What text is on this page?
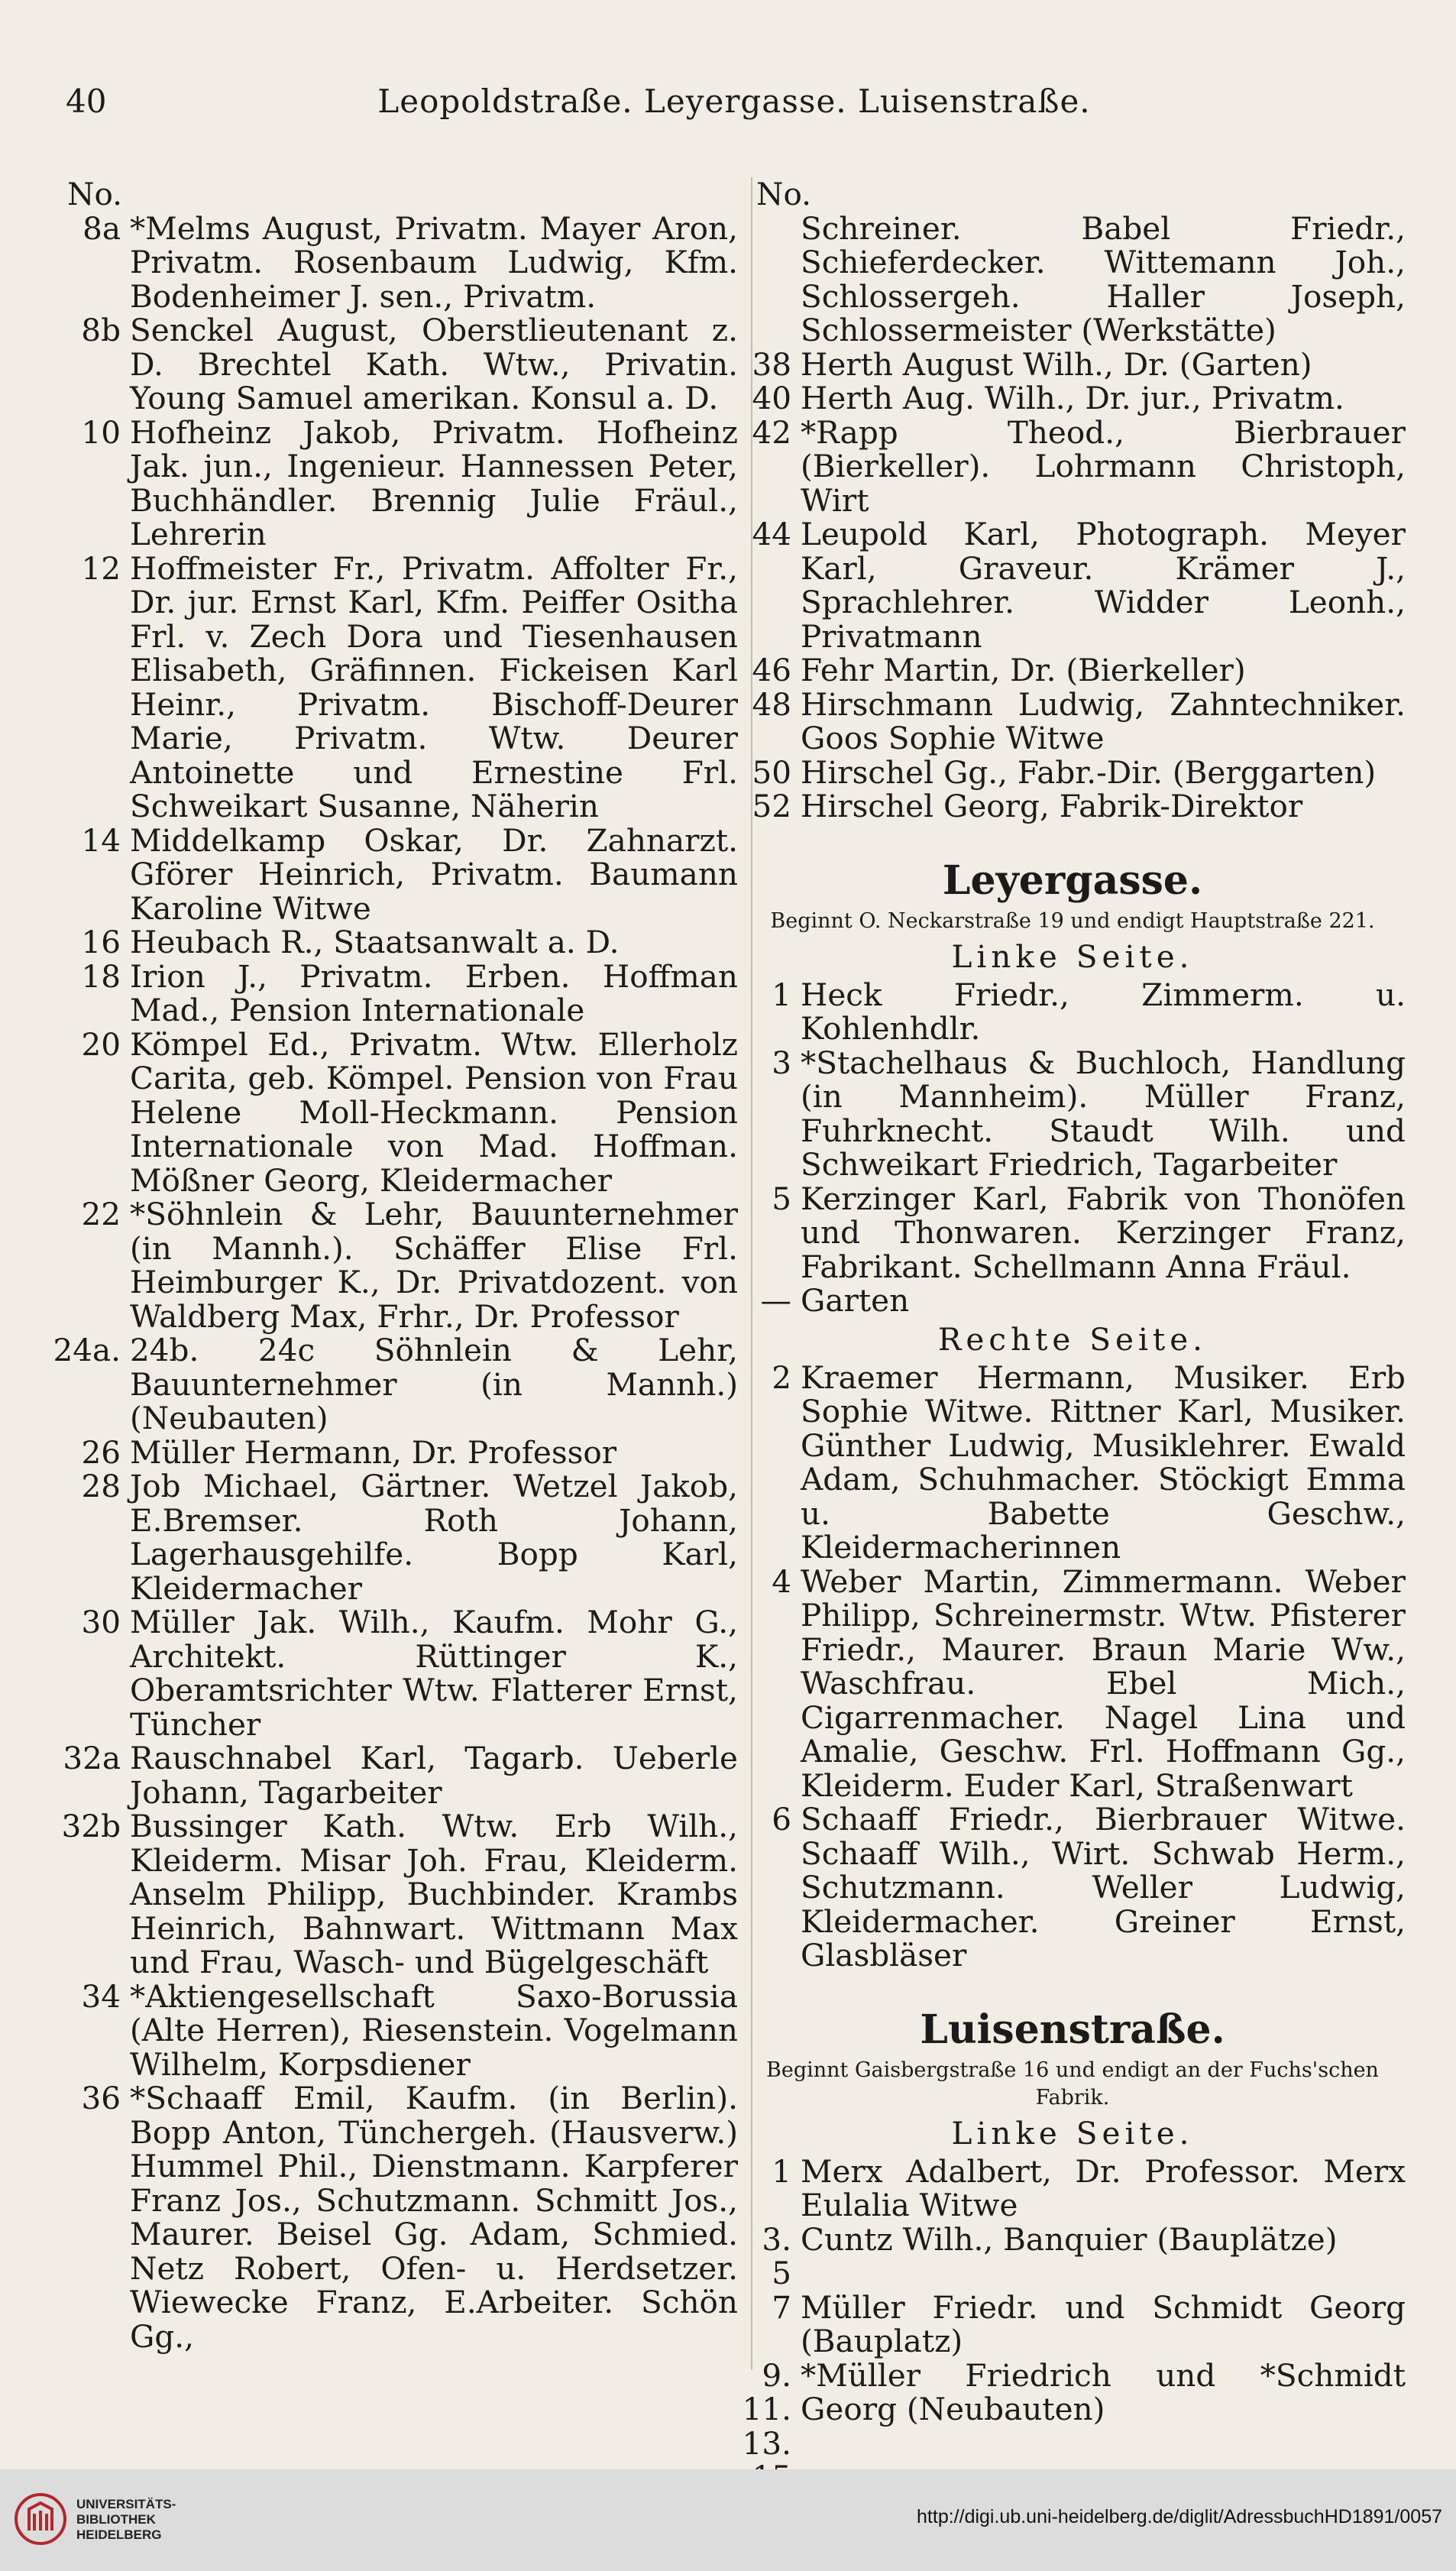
40	Leopoldstraße. Leyergasse. Luisenstraße.
No.
8a *Melms August, Privatm. Mayer Aron, Privatm. Rosenbaum Ludwig, Kfm. Bodenheimer J. sen., Privatm.
8b Senckel August, Oberstlieutenant z. D. Brechtel Kath. Wtw., Privatin. Young Samuel amerikan. Konsul a. D.
10 Hofheinz Jakob, Privatm. Hofheinz Jak. jun., Ingenieur. Hannessen Peter, Buchhändler. Brennig Julie Fräul., Lehrerin
12 Hoffmeister Fr., Privatm. Affolter Fr., Dr. jur. Ernst Karl, Kfm. Peiffer Ositha Frl. v. Zech Dora und Tiesenhausen Elisabeth, Gräfinnen. Fickeisen Karl Heinr., Privatm. Bischoff-Deurer Marie, Privatm. Wtw. Deurer Antoinette und Ernestine Frl. Schweikart Susanne, Näherin
14 Middelkamp Oskar, Dr. Zahnarzt. Gförer Heinrich, Privatm. Baumann Karoline Witwe
16 Heubach R., Staatsanwalt a. D.
18 Irion J., Privatm. Erben. Hoffman Mad., Pension Internationale
20 Kömpel Ed., Privatm. Wtw. Ellerholz Carita, geb. Kömpel. Pension von Frau Helene Moll-Heckmann. Pension Internationale von Mad. Hoffman. Mößner Georg, Kleidermacher
22 *Söhnlein & Lehr, Bauunternehmer (in Mannh.). Schäffer Elise Frl. Heimburger K., Dr. Privatdozent. von Waldberg Max, Frhr., Dr. Professor
24a. 24b. 24c Söhnlein & Lehr, Bauunternehmer (in Mannh.) (Neubauten)
26 Müller Hermann, Dr. Professor
28 Job Michael, Gärtner. Wetzel Jakob, E.Bremser. Roth Johann, Lagerhausgehilfe. Bopp Karl, Kleidermacher
30 Müller Jak. Wilh., Kaufm. Mohr G., Architekt. Rüttinger K., Oberamtsrichter Wtw. Flatterer Ernst, Tüncher
32a Rauschnabel Karl, Tagarb. Ueberle Johann, Tagarbeiter
32b Bussinger Kath. Wtw. Erb Wilh., Kleiderm. Misar Joh. Frau, Kleiderm. Anselm Philipp, Buchbinder. Krambs Heinrich, Bahnwart. Wittmann Max und Frau, Wasch- und Bügelgeschäft
34 *Aktiengesellschaft Saxo-Borussia (Alte Herren), Riesenstein. Vogelmann Wilhelm, Korpsdiener
36 *Schaaff Emil, Kaufm. (in Berlin). Bopp Anton, Tünchergeh. (Hausverw.) Hummel Phil., Dienstmann. Karpferer Franz Jos., Schutzmann. Schmitt Jos., Maurer. Beisel Gg. Adam, Schmied. Netz Robert, Ofen- u. Herdsetzer. Wiewecke Franz, E.Arbeiter. Schön Gg.,
No.
Schreiner. Babel Friedr., Schieferdecker. Wittemann Joh., Schlossergeh. Haller Joseph, Schlossermeister (Werkstätte)
38 Herth August Wilh., Dr. (Garten)
40 Herth Aug. Wilh., Dr. jur., Privatm.
42 *Rapp Theod., Bierbrauer (Bierkeller). Lohrmann Christoph, Wirt
44 Leupold Karl, Photograph. Meyer Karl, Graveur. Krämer J., Sprachlehrer. Widder Leonh., Privatmann
46 Fehr Martin, Dr. (Bierkeller)
48 Hirschmann Ludwig, Zahntechniker. Goos Sophie Witwe
50 Hirschel Gg., Fabr.-Dir. (Berggarten)
52 Hirschel Georg, Fabrik-Direktor
Leyergasse.
Beginnt O. Neckarstraße 19 und endigt Hauptstraße 221.
Linke Seite.
1 Heck Friedr., Zimmerm. u. Kohlenhdlr.
3 *Stachelhaus & Buchloch, Handlung (in Mannheim). Müller Franz, Fuhrknecht. Staudt Wilh. und Schweikart Friedrich, Tagarbeiter
5 Kerzinger Karl, Fabrik von Thonöfen und Thonwaren. Kerzinger Franz, Fabrikant. Schellmann Anna Fräul.
— Garten
Rechte Seite.
2 Kraemer Hermann, Musiker. Erb Sophie Witwe. Rittner Karl, Musiker. Günther Ludwig, Musiklehrer. Ewald Adam, Schuhmacher. Stöckigt Emma u. Babette Geschw., Kleidermacherinnen
4 Weber Martin, Zimmermann. Weber Philipp, Schreinermstr. Wtw. Pfisterer Friedr., Maurer. Braun Marie Ww., Waschfrau. Ebel Mich., Cigarrenmacher. Nagel Lina und Amalie, Geschw. Frl. Hoffmann Gg., Kleiderm. Euder Karl, Straßenwart
6 Schaaff Friedr., Bierbrauer Witwe. Schaaff Wilh., Wirt. Schwab Herm., Schutzmann. Weller Ludwig, Kleidermacher. Greiner Ernst, Glasbläser
Luisenstraße.
Beginnt Gaisbergstraße 16 und endigt an der Fuchs'schen Fabrik.
Linke Seite.
1 Merx Adalbert, Dr. Professor. Merx Eulalia Witwe
3. 5
Cuntz Wilh., Banquier (Bauplätze)
7 Müller Friedr. und Schmidt Georg (Bauplatz)
9. 11. 13.
*Müller Friedrich und *Schmidt Georg (Neubauten)
UNIVERSITÄTS-
BIBLIOTHEK
HEIDELBERG
http://digi.ub.uni-heidelberg.de/diglit/AdressbuchHD1891/0057
